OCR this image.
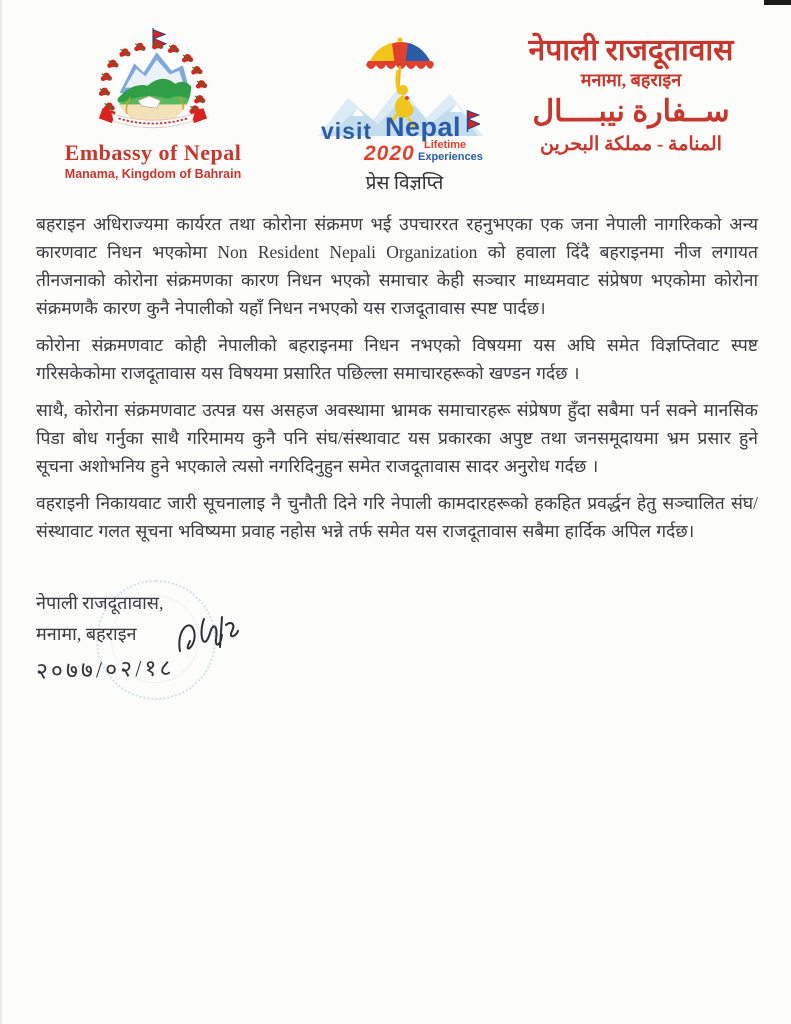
Embassy of Nepal
Manama, Kingdom of Bahrain
visit Nepal
2020 Lifetime
Experiences
नेपाली राजदूतावास
मनामा, बहराइन
ســفارة نيبــــال
المنامة - مملكة البحرين
प्रेस विज्ञप्ति

बहराइन अधिराज्यमा कार्यरत तथा कोरोना संक्रमण भई उपचाररत रहनुभएका एक जना नेपाली नागरिकको अन्य कारणवाट निधन भएकोमा Non Resident Nepali Organization को हवाला दिंदै बहराइनमा नीज लगायत तीनजनाको कोरोना संक्रमणका कारण निधन भएको समाचार केही सञ्चार माध्यमवाट संप्रेषण भएकोमा कोरोना संक्रमणकै कारण कुनै नेपालीको यहाँ निधन नभएको यस राजदूतावास स्पष्ट पार्दछ।

कोरोना संक्रमणवाट कोही नेपालीको बहराइनमा निधन नभएको विषयमा यस अघि समेत विज्ञप्तिवाट स्पष्ट गरिसकेकोमा राजदूतावास यस विषयमा प्रसारित पछिल्ला समाचारहरूको खण्डन गर्दछ ।

साथै, कोरोना संक्रमणवाट उत्पन्न यस असहज अवस्थामा भ्रामक समाचारहरू संप्रेषण हुँदा सबैमा पर्न सक्ने मानसिक पिडा बोध गर्नुका साथै गरिमामय कुनै पनि संघ/संस्थावाट यस प्रकारका अपुष्ट तथा जनसमूदायमा भ्रम प्रसार हुने सूचना अशोभनिय हुने भएकाले त्यसो नगरिदिनुहुन समेत राजदूतावास सादर अनुरोध गर्दछ ।

वहराइनी निकायवाट जारी सूचनालाइ नै चुनौती दिने गरि नेपाली कामदारहरूको हकहित प्रवर्द्धन हेतु सञ्चालित संघ/संस्थावाट गलत सूचना भविष्यमा प्रवाह नहोस भन्ने तर्फ समेत यस राजदूतावास सबैमा हार्दिक अपिल गर्दछ।

नेपाली राजदूतावास,
मनामा, बहराइन
२०७७/०२/१८
